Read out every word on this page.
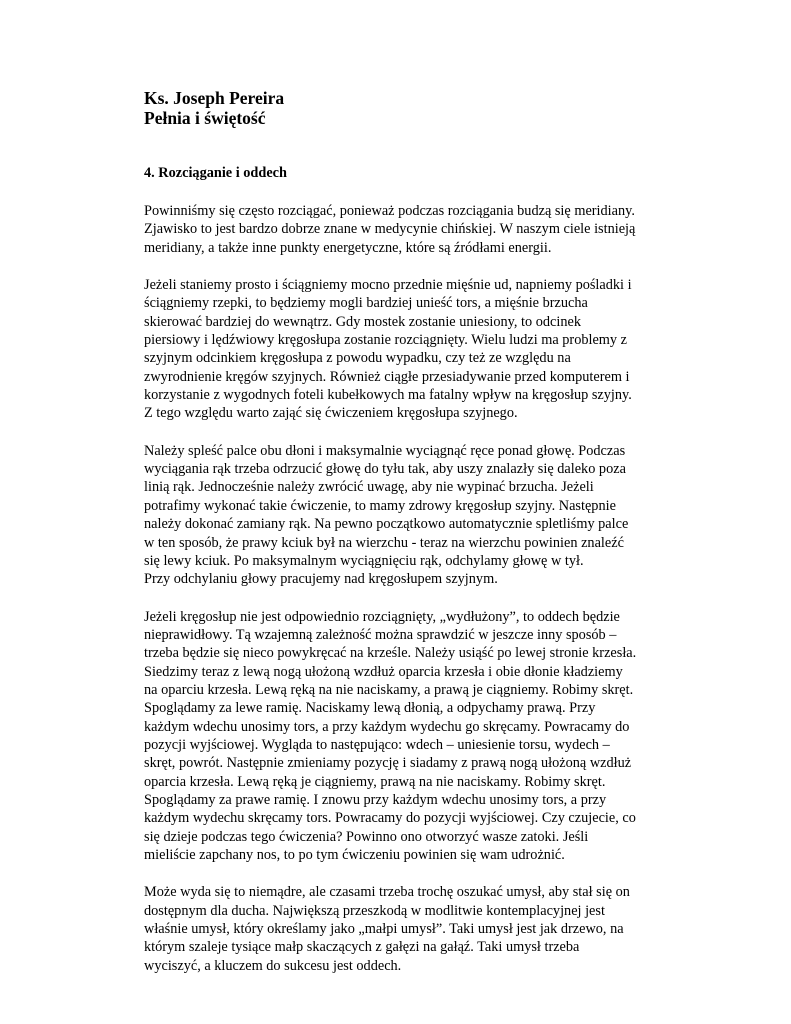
Ks. Joseph Pereira
Pełnia i świętość
4. Rozciąganie i oddech
Powinniśmy się często rozciągać, ponieważ podczas rozciągania budzą się meridiany.
Zjawisko to jest bardzo dobrze znane w medycynie chińskiej. W naszym ciele istnieją
meridiany, a także inne punkty energetyczne, które są źródłami energii.
Jeżeli staniemy prosto i ściągniemy mocno przednie mięśnie ud, napniemy pośladki i
ściągniemy rzepki, to będziemy mogli bardziej unieść tors, a mięśnie brzucha
skierować bardziej do wewnątrz. Gdy mostek zostanie uniesiony, to odcinek
piersiowy i lędźwiowy kręgosłupa zostanie rozciągnięty. Wielu ludzi ma problemy z
szyjnym odcinkiem kręgosłupa z powodu wypadku, czy też ze względu na
zwyrodnienie kręgów szyjnych. Również ciągłe przesiadywanie przed komputerem i
korzystanie z wygodnych foteli kubełkowych ma fatalny wpływ na kręgosłup szyjny.
Z tego względu warto zająć się ćwiczeniem kręgosłupa szyjnego.
Należy spleść palce obu dłoni i maksymalnie wyciągnąć ręce ponad głowę. Podczas
wyciągania rąk trzeba odrzucić głowę do tyłu tak, aby uszy znalazły się daleko poza
linią rąk. Jednocześnie należy zwrócić uwagę, aby nie wypinać brzucha. Jeżeli
potrafimy wykonać takie ćwiczenie, to mamy zdrowy kręgosłup szyjny. Następnie
należy dokonać zamiany rąk. Na pewno początkowo automatycznie spletliśmy palce
w ten sposób, że prawy kciuk był na wierzchu - teraz na wierzchu powinien znaleźć
się lewy kciuk. Po maksymalnym wyciągnięciu rąk, odchylamy głowę w tył.
Przy odchylaniu głowy pracujemy nad kręgosłupem szyjnym.
Jeżeli kręgosłup nie jest odpowiednio rozciągnięty, „wydłużony”, to oddech będzie
nieprawidłowy. Tą wzajemną zależność można sprawdzić w jeszcze inny sposób –
trzeba będzie się nieco powykręcać na krześle. Należy usiąść po lewej stronie krzesła.
Siedzimy teraz z lewą nogą ułożoną wzdłuż oparcia krzesła i obie dłonie kładziemy
na oparciu krzesła. Lewą ręką na nie naciskamy, a prawą je ciągniemy. Robimy skręt.
Spoglądamy za lewe ramię. Naciskamy lewą dłonią, a odpychamy prawą. Przy
każdym wdechu unosimy tors, a przy każdym wydechu go skręcamy. Powracamy do
pozycji wyjściowej. Wygląda to następująco: wdech – uniesienie torsu, wydech –
skręt, powrót. Następnie zmieniamy pozycję i siadamy z prawą nogą ułożoną wzdłuż
oparcia krzesła. Lewą ręką je ciągniemy, prawą na nie naciskamy. Robimy skręt.
Spoglądamy za prawe ramię. I znowu przy każdym wdechu unosimy tors, a przy
każdym wydechu skręcamy tors. Powracamy do pozycji wyjściowej. Czy czujecie, co
się dzieje podczas tego ćwiczenia? Powinno ono otworzyć wasze zatoki. Jeśli
mieliście zapchany nos, to po tym ćwiczeniu powinien się wam udrożnić.
Może wyda się to niemądre, ale czasami trzeba trochę oszukać umysł, aby stał się on
dostępnym dla ducha. Największą przeszkodą w modlitwie kontemplacyjnej jest
właśnie umysł, który określamy jako „małpi umysł”. Taki umysł jest jak drzewo, na
którym szaleje tysiące małp skaczących z gałęzi na gałąź. Taki umysł trzeba
wyciszyć, a kluczem do sukcesu jest oddech.
